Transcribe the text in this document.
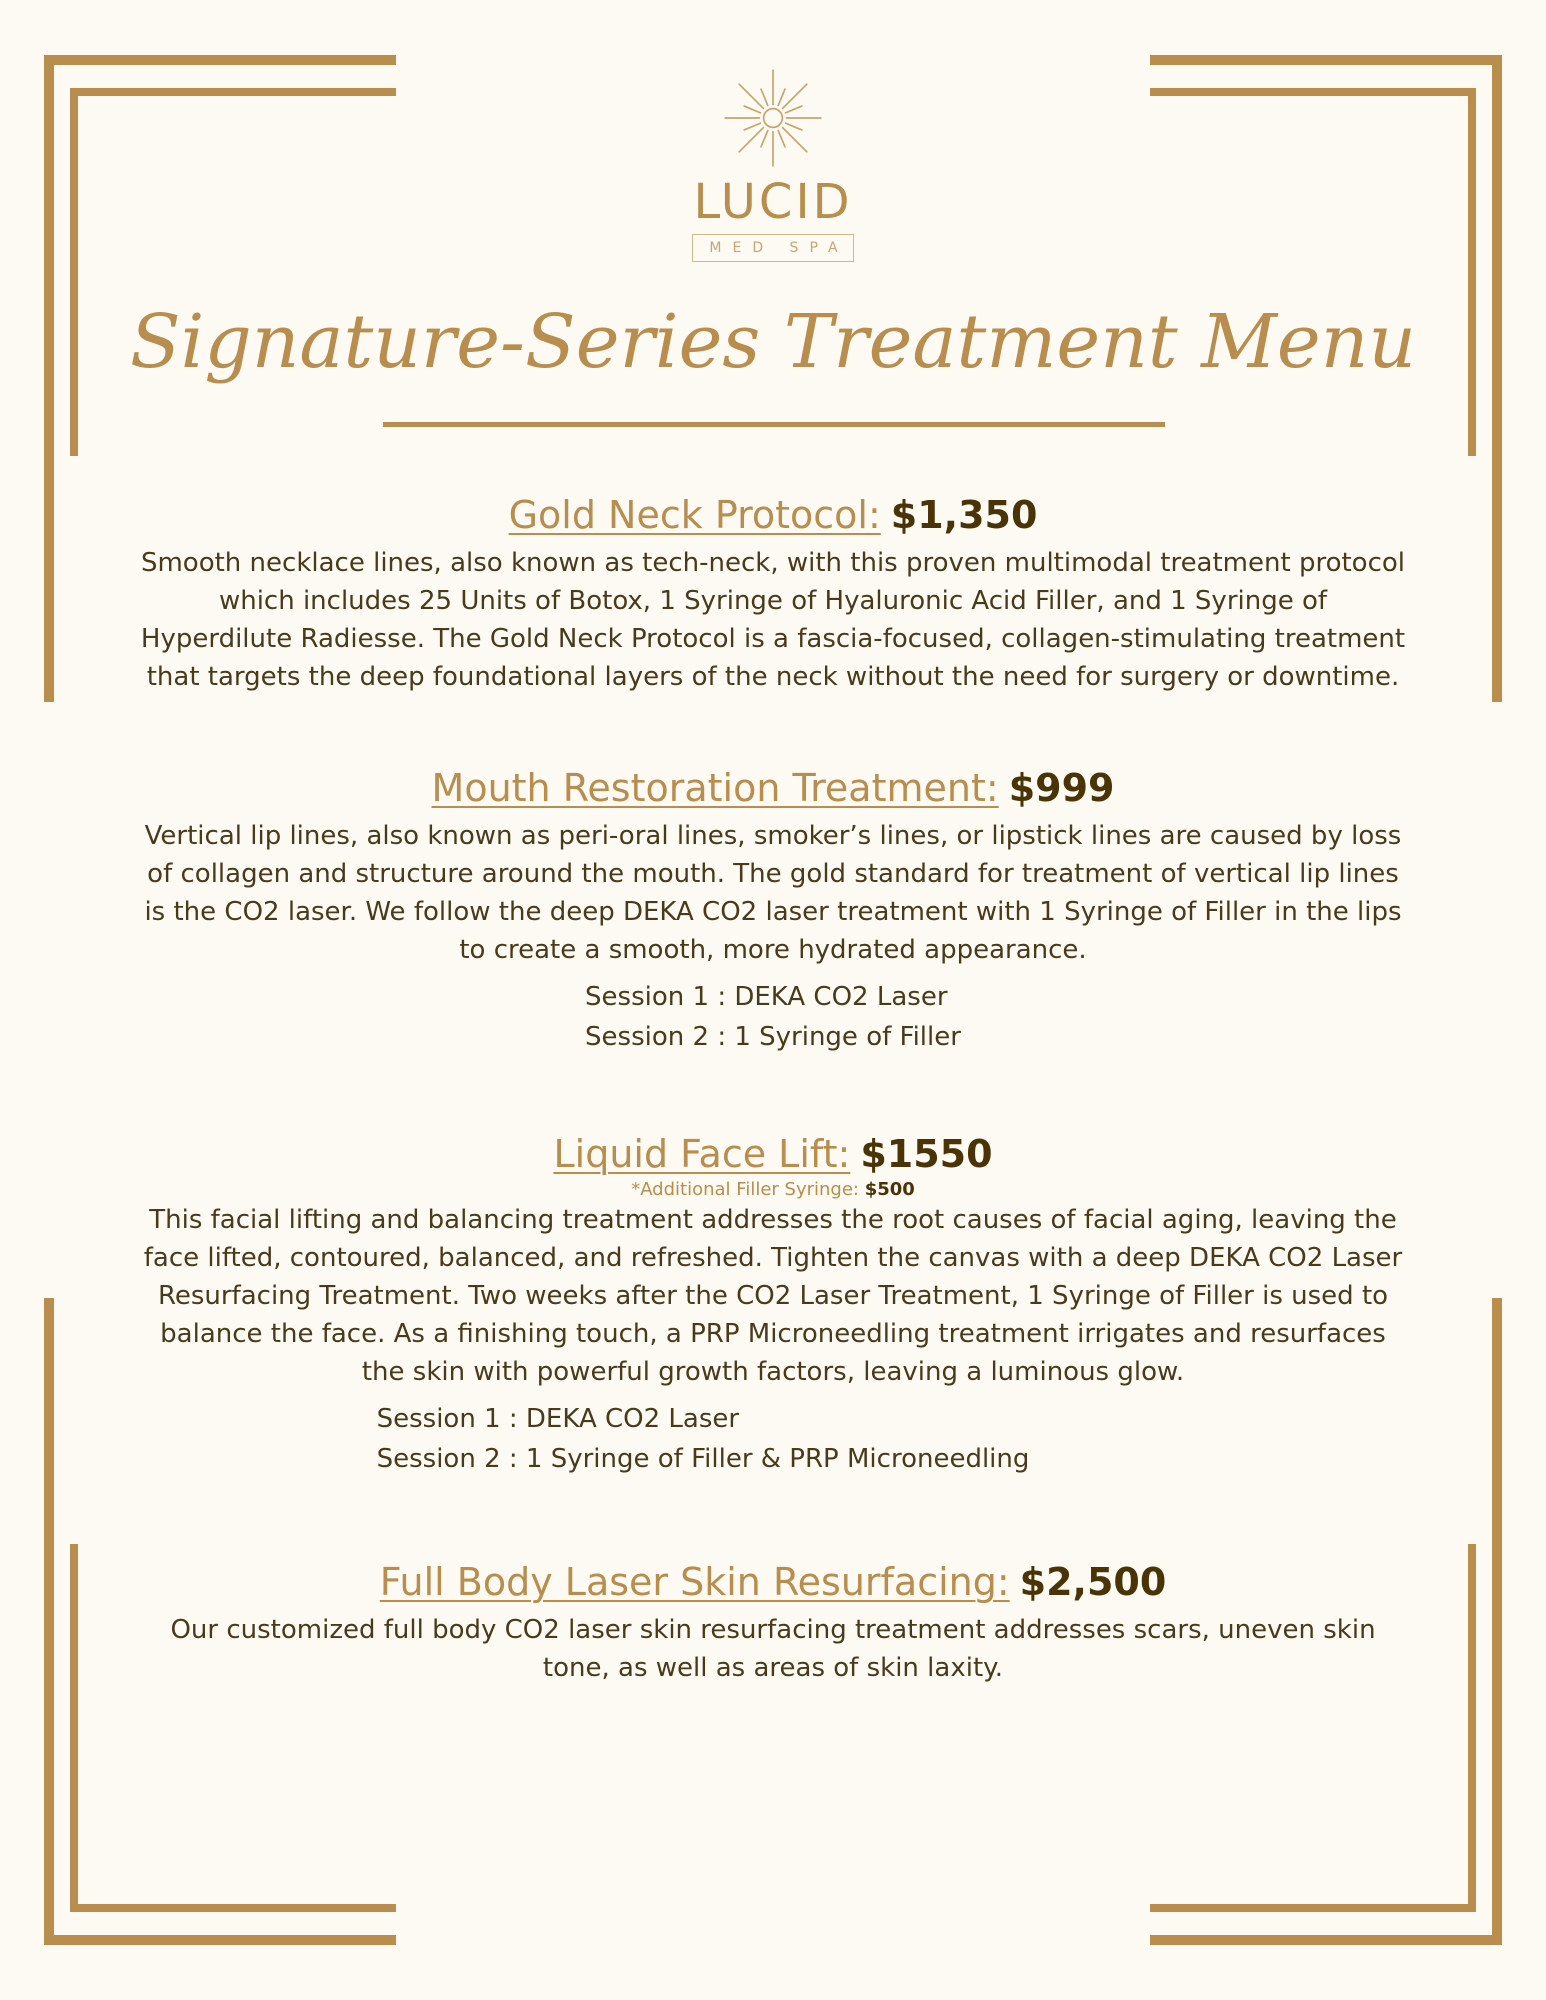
LUCID
MED SPA
Signature-Series Treatment Menu
Gold Neck Protocol: $1,350
Smooth necklace lines, also known as tech-neck, with this proven multimodal treatment protocol which includes 25 Units of Botox, 1 Syringe of Hyaluronic Acid Filler, and 1 Syringe of Hyperdilute Radiesse. The Gold Neck Protocol is a fascia-focused, collagen-stimulating treatment that targets the deep foundational layers of the neck without the need for surgery or downtime.
Mouth Restoration Treatment: $999
Vertical lip lines, also known as peri-oral lines, smoker’s lines, or lipstick lines are caused by loss of collagen and structure around the mouth. The gold standard for treatment of vertical lip lines is the CO2 laser. We follow the deep DEKA CO2 laser treatment with 1 Syringe of Filler in the lips to create a smooth, more hydrated appearance.
Session 1 : DEKA CO2 Laser
Session 2 : 1 Syringe of Filler
Liquid Face Lift: $1550
*Additional Filler Syringe: $500
This facial lifting and balancing treatment addresses the root causes of facial aging, leaving the face lifted, contoured, balanced, and refreshed. Tighten the canvas with a deep DEKA CO2 Laser Resurfacing Treatment. Two weeks after the CO2 Laser Treatment, 1 Syringe of Filler is used to balance the face. As a finishing touch, a PRP Microneedling treatment irrigates and resurfaces the skin with powerful growth factors, leaving a luminous glow.
Session 1 : DEKA CO2 Laser
Session 2 : 1 Syringe of Filler & PRP Microneedling
Full Body Laser Skin Resurfacing: $2,500
Our customized full body CO2 laser skin resurfacing treatment addresses scars, uneven skin tone, as well as areas of skin laxity.
